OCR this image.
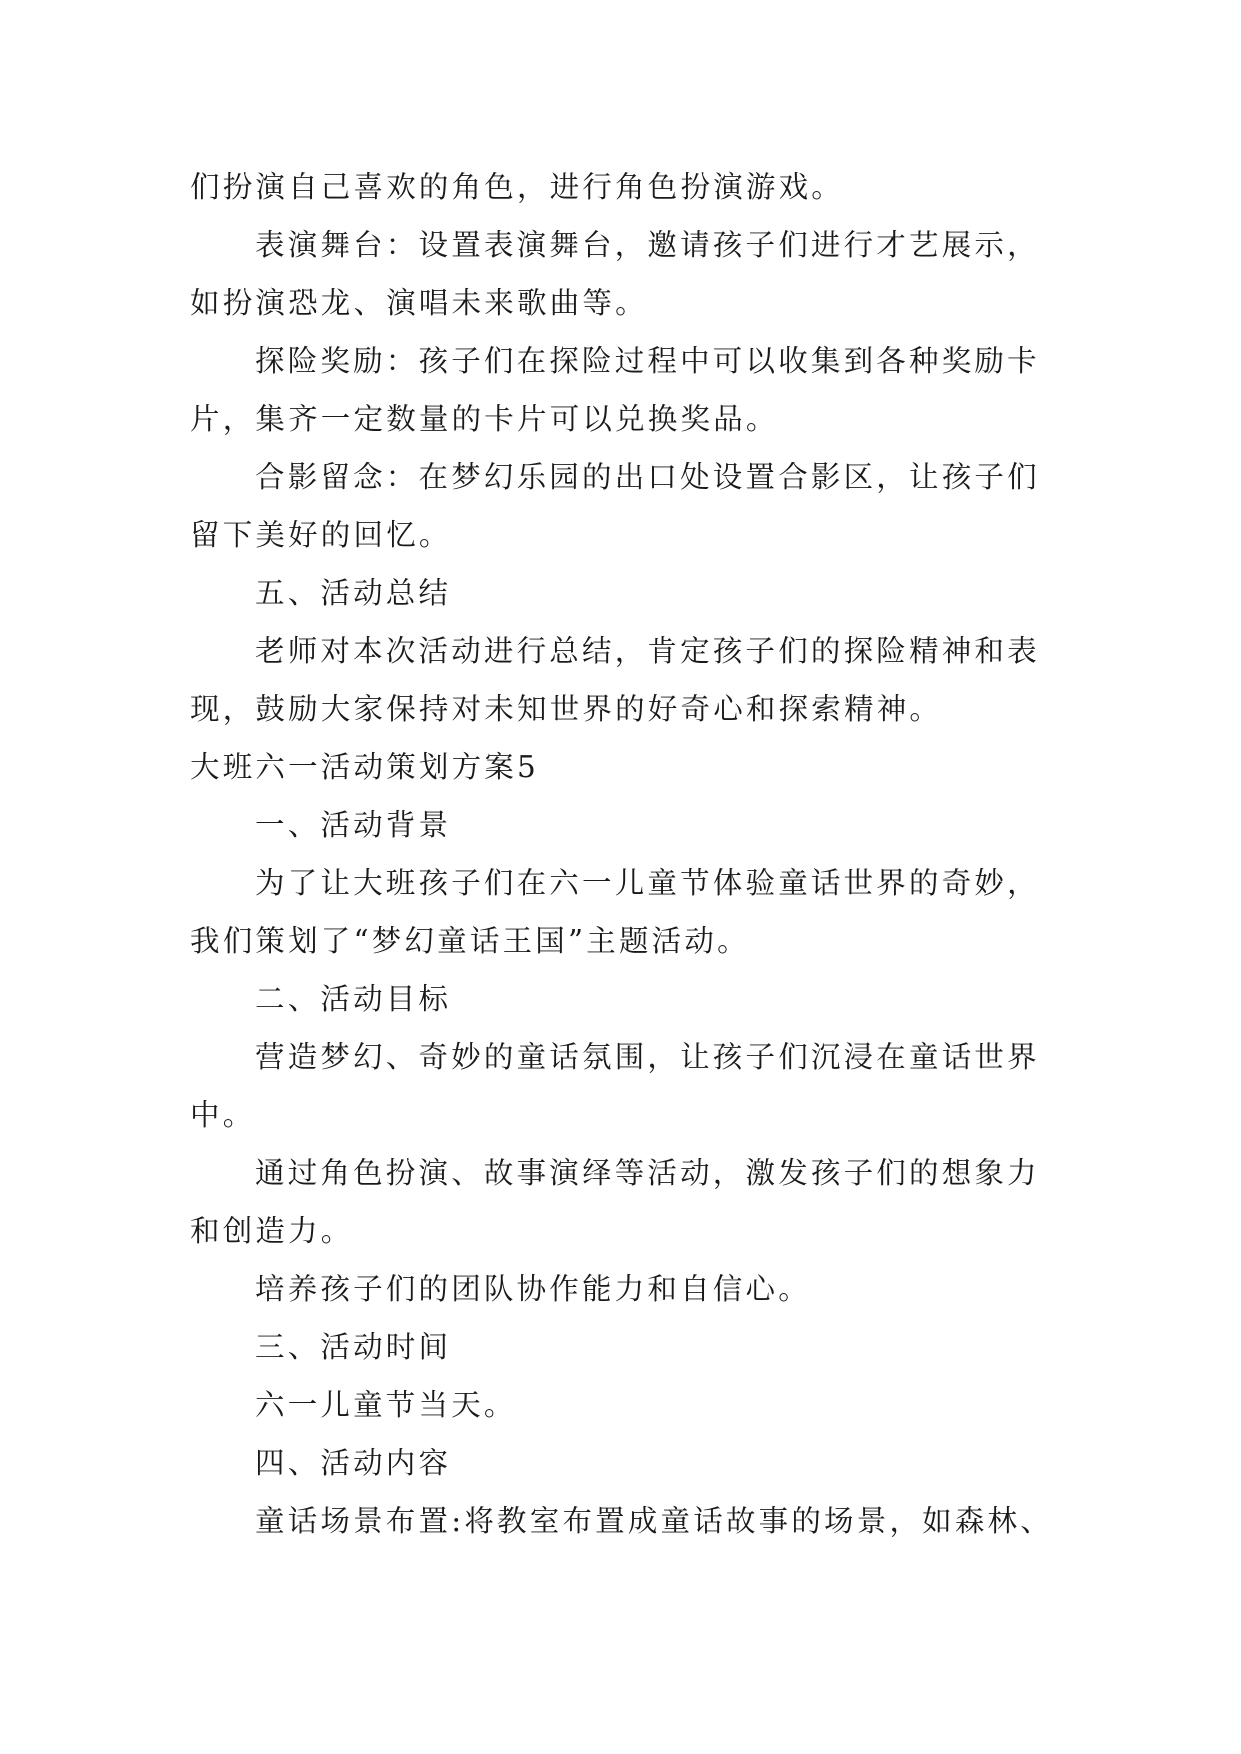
们扮演自己喜欢的角色，进行角色扮演游戏。

表演舞台：设置表演舞台，邀请孩子们进行才艺展示，

如扮演恐龙、演唱未来歌曲等。

探险奖励：孩子们在探险过程中可以收集到各种奖励卡

片，集齐一定数量的卡片可以兑换奖品。

合影留念：在梦幻乐园的出口处设置合影区，让孩子们

留下美好的回忆。

五、活动总结

老师对本次活动进行总结，肯定孩子们的探险精神和表

现，鼓励大家保持对未知世界的好奇心和探索精神。

大班六一活动策划方案5

一、活动背景

为了让大班孩子们在六一儿童节体验童话世界的奇妙，

我们策划了“梦幻童话王国”主题活动。

二、活动目标

营造梦幻、奇妙的童话氛围，让孩子们沉浸在童话世界

中。

通过角色扮演、故事演绎等活动，激发孩子们的想象力

和创造力。

培养孩子们的团队协作能力和自信心。

三、活动时间

六一儿童节当天。

四、活动内容

童话场景布置:将教室布置成童话故事的场景，如森林、
